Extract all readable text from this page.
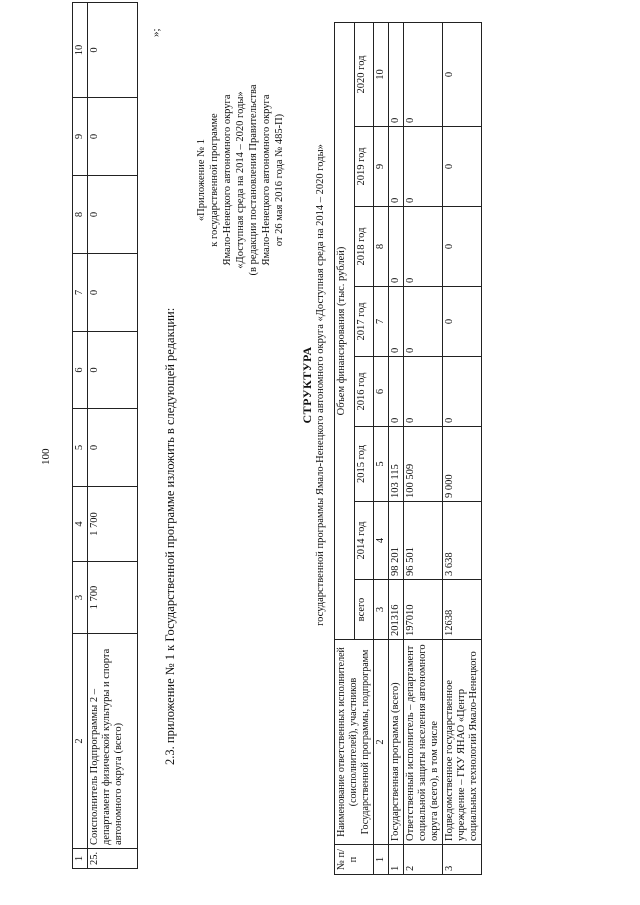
100
1	2	3	4	5	6	7	8	9	10
25.	Соисполнитель Подпрограммы 2 – департамент физической культуры и спорта автономного округа (всего)	1 700	1 700	0	0	0	0	0	0
»;
2.3. приложение № 1 к Государственной программе изложить в следующей редакции:
«Приложение № 1 к государственной программе Ямало-Ненецкого автономного округа «Доступная среда на 2014 – 2020 годы» (в редакции постановления Правительства Ямало-Ненецкого автономного округа от 26 мая 2016 года № 485-П)
СТРУКТУРА государственной программы Ямало-Ненецкого автономного округа «Доступная среда на 2014 – 2020 годы»
№ п/п	Наименование ответственных исполнителей (соисполнителей), участников Государственной программы, подпрограмм	Объем финансирования (тыс. рублей)							
		всего	2014 год	2015 год	2016 год	2017 год	2018 год	2019 год	2020 год
1	2	3	4	5	6	7	8	9	10
1	Государственная программа (всего)	201316	98 201	103 115	0	0	0	0	0
2	Ответственный исполнитель – департамент социальной защиты населения автономного округа (всего), в том числе	197010	96 501	100 509	0	0	0	0	0
3	Подведомственное государственное учреждение – ГКУ ЯНАО «Центр социальных технологий Ямало-Ненецкого	12638	3 638	9 000	0	0	0	0	0
